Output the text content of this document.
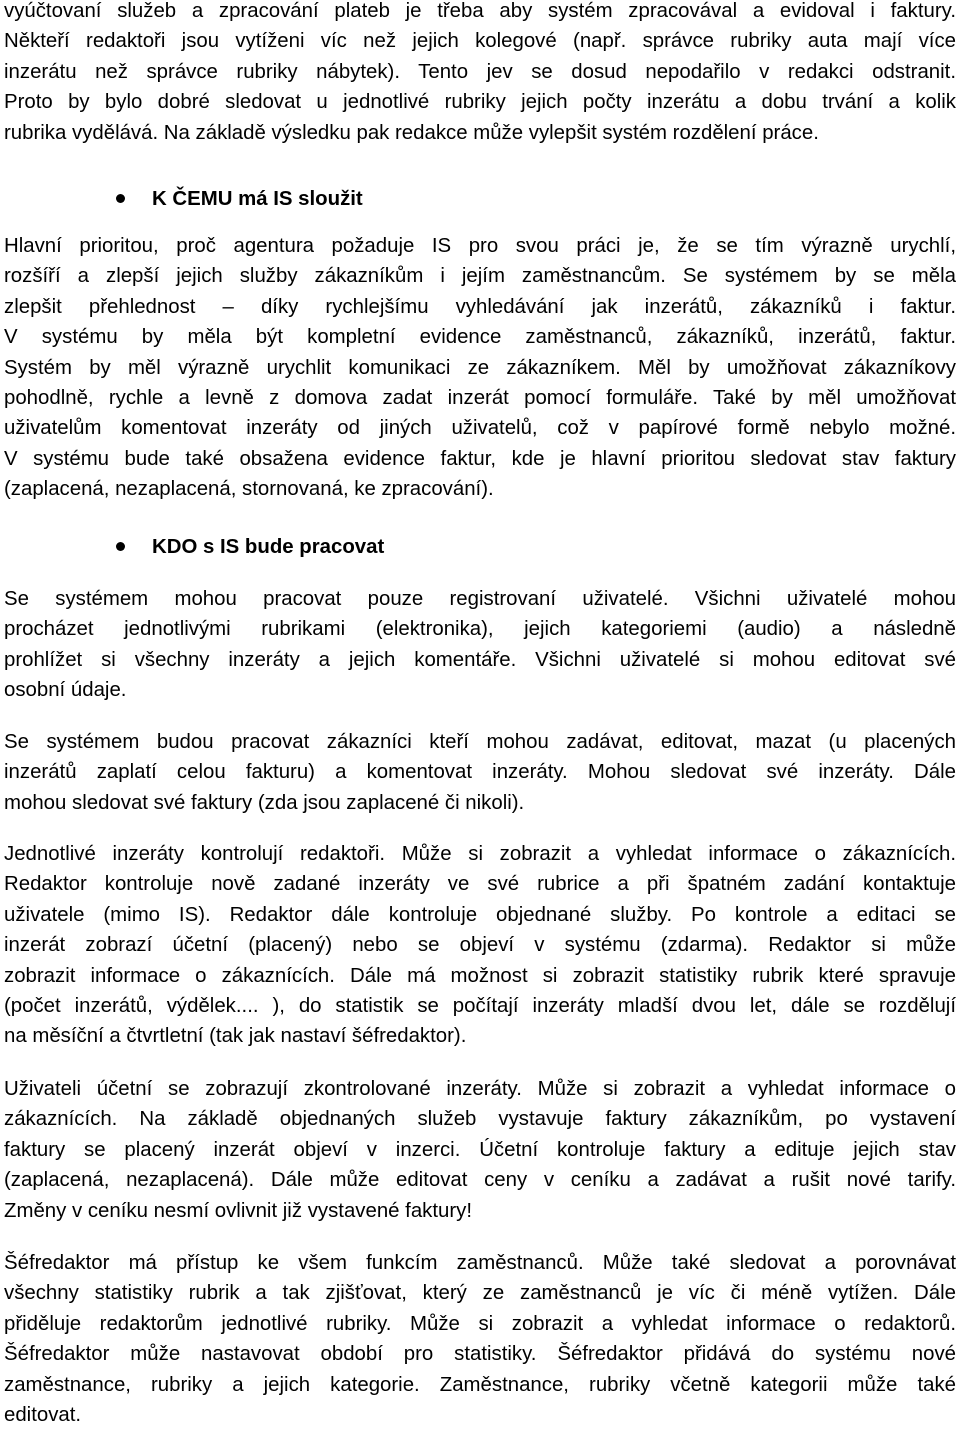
vyúčtovaní služeb a zpracování plateb je třeba aby systém zpracovával a evidoval i faktury.
Někteří redaktoři jsou vytíženi víc než jejich kolegové (např. správce rubriky auta mají více
inzerátu než správce rubriky nábytek). Tento jev se dosud nepodařilo v redakci odstranit.
Proto by bylo dobré sledovat u jednotlivé rubriky jejich počty inzerátu a dobu trvání a kolik
rubrika vydělává. Na základě výsledku pak redakce může vylepšit systém rozdělení práce.

K ČEMU má IS sloužit

Hlavní prioritou, proč agentura požaduje IS pro svou práci je, že se tím výrazně urychlí,
rozšíří a zlepší jejich služby zákazníkům i jejím zaměstnancům. Se systémem by se měla
zlepšit přehlednost – díky rychlejšímu vyhledávání jak inzerátů, zákazníků i faktur.
V systému by měla být kompletní evidence zaměstnanců, zákazníků, inzerátů, faktur.
Systém by měl výrazně urychlit komunikaci ze zákazníkem. Měl by umožňovat zákazníkovy
pohodlně, rychle a levně z domova zadat inzerát pomocí formuláře. Také by měl umožňovat
uživatelům komentovat inzeráty od jiných uživatelů, což v papírové formě nebylo možné.
V systému bude také obsažena evidence faktur, kde je hlavní prioritou sledovat stav faktury
(zaplacená, nezaplacená, stornovaná, ke zpracování).

KDO s IS bude pracovat

Se systémem mohou pracovat pouze registrovaní uživatelé. Všichni uživatelé mohou
procházet jednotlivými rubrikami (elektronika), jejich kategoriemi (audio) a následně
prohlížet si všechny inzeráty a jejich komentáře. Všichni uživatelé si mohou editovat své
osobní údaje.

Se systémem budou pracovat zákazníci kteří mohou zadávat, editovat, mazat (u placených
inzerátů zaplatí celou fakturu) a komentovat inzeráty. Mohou sledovat své inzeráty. Dále
mohou sledovat své faktury (zda jsou zaplacené či nikoli).

Jednotlivé inzeráty kontrolují redaktoři. Může si zobrazit a vyhledat informace o zákaznících.
Redaktor kontroluje nově zadané inzeráty ve své rubrice a při špatném zadání kontaktuje
uživatele (mimo IS). Redaktor dále kontroluje objednané služby. Po kontrole a editaci se
inzerát zobrazí účetní (placený) nebo se objeví v systému (zdarma). Redaktor si může
zobrazit informace o zákaznících. Dále má možnost si zobrazit statistiky rubrik které spravuje
(počet inzerátů, výdělek.... ), do statistik se počítají inzeráty mladší dvou let, dále se rozdělují
na měsíční a čtvrtletní (tak jak nastaví šéfredaktor).

Uživateli účetní se zobrazují zkontrolované inzeráty. Může si zobrazit a vyhledat informace o
zákaznících. Na základě objednaných služeb vystavuje faktury zákazníkům, po vystavení
faktury se placený inzerát objeví v inzerci. Účetní kontroluje faktury a edituje jejich stav
(zaplacená, nezaplacená). Dále může editovat ceny v ceníku a zadávat a rušit nové tarify.
Změny v ceníku nesmí ovlivnit již vystavené faktury!

Šéfredaktor má přístup ke všem funkcím zaměstnanců. Může také sledovat a porovnávat
všechny statistiky rubrik a tak zjišťovat, který ze zaměstnanců je víc či méně vytížen. Dále
přiděluje redaktorům jednotlivé rubriky. Může si zobrazit a vyhledat informace o redaktorů.
Šéfredaktor může nastavovat období pro statistiky. Šéfredaktor přidává do systému nové
zaměstnance, rubriky a jejich kategorie. Zaměstnance, rubriky včetně kategorii může také
editovat.
